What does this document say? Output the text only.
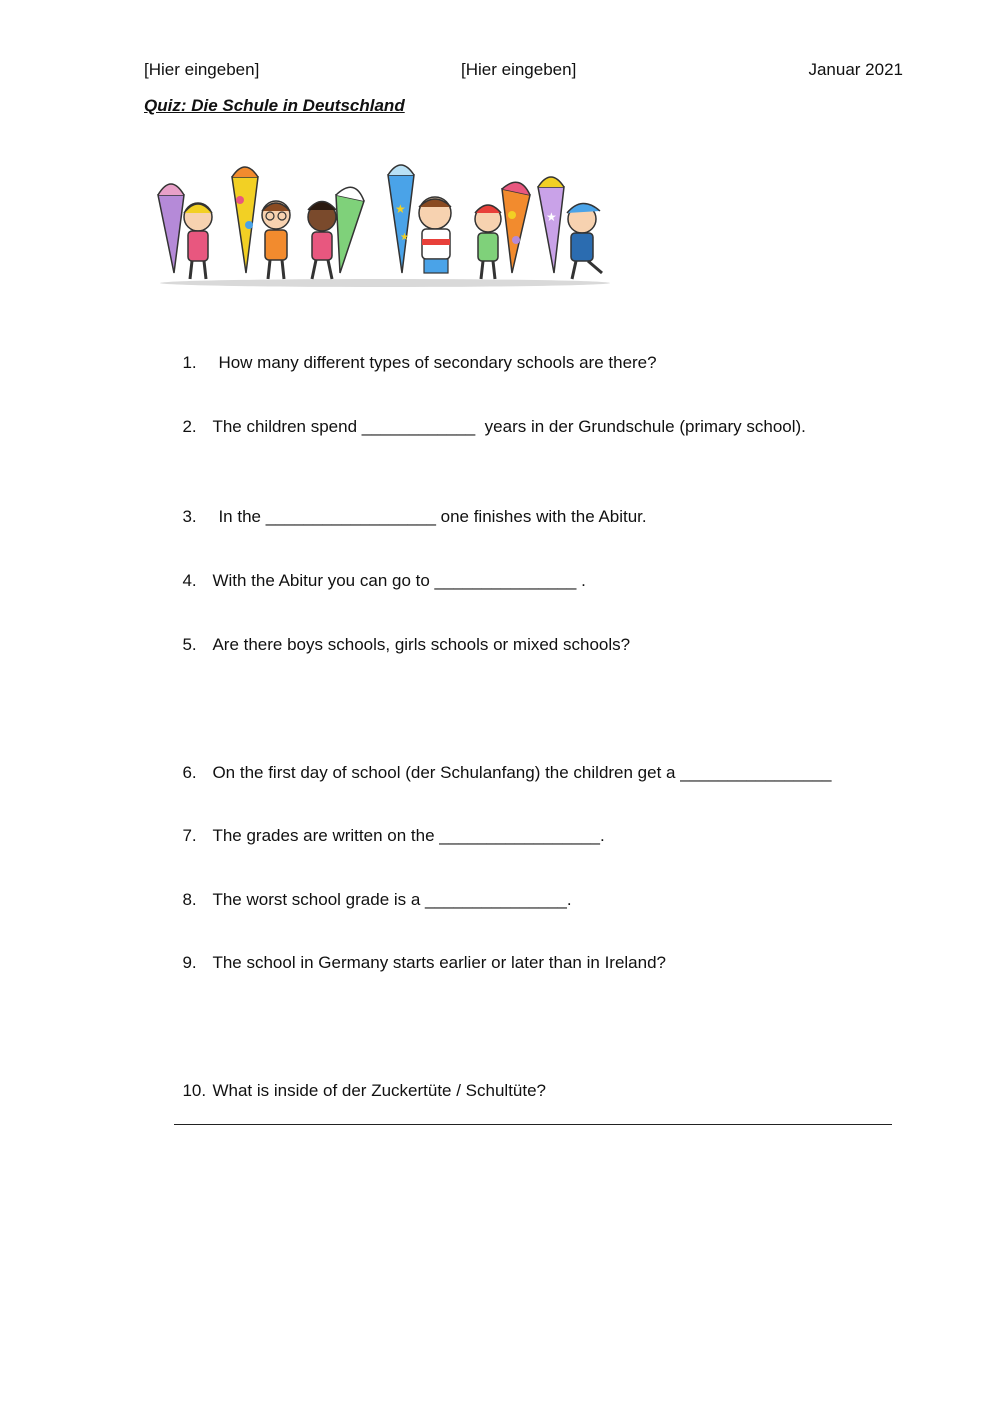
[Hier eingeben]	[Hier eingeben]	Januar 2021
Quiz: Die Schule in Deutschland
★
★
★

1. How many different types of secondary schools are there?

2. The children spend ____________  years in der Grundschule (primary school).

3. In the __________________ one finishes with the Abitur.

4. With the Abitur you can go to _______________ .

5. Are there boys schools, girls schools or mixed schools?

6. On the first day of school (der Schulanfang) the children get a ________________

7. The grades are written on the _________________.

8. The worst school grade is a _______________.

9. The school in Germany starts earlier or later than in Ireland?

10. What is inside of der Zuckertüte / Schultüte?
